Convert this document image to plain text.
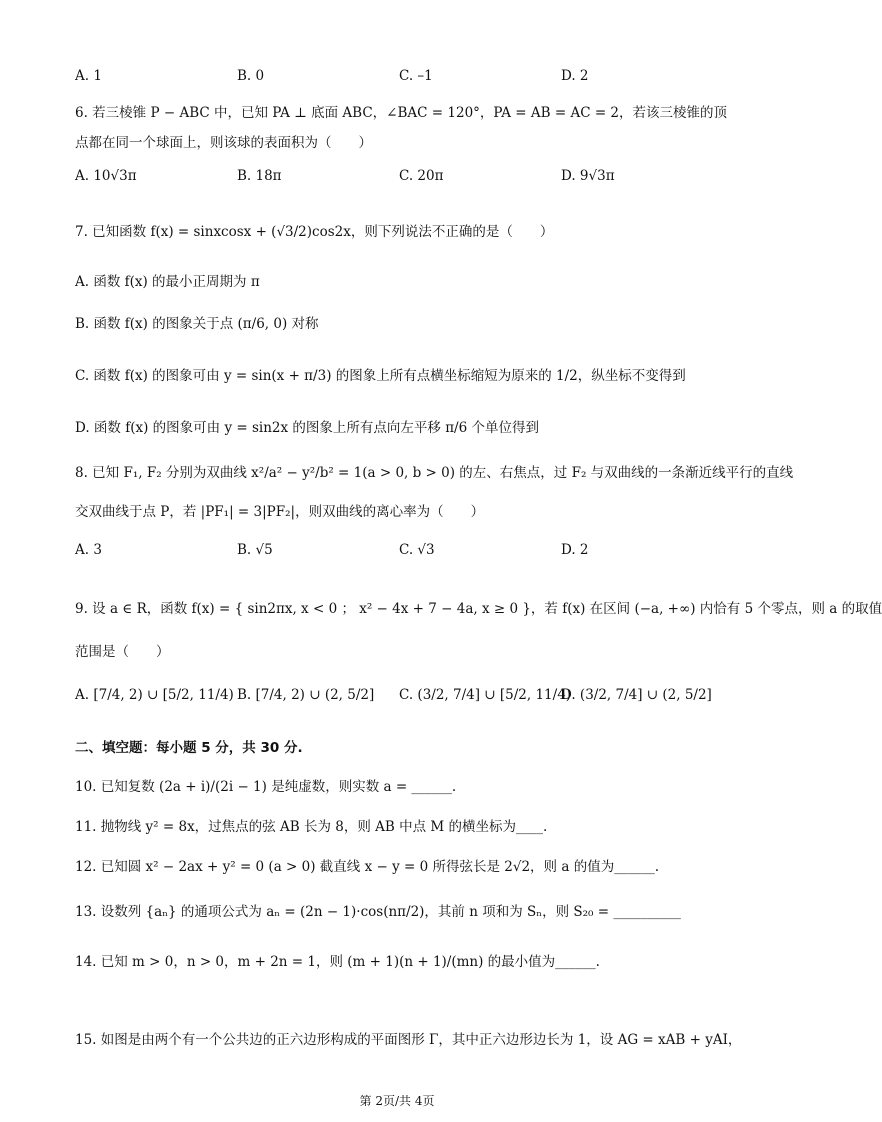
A. 1	B. 0	C. –1	D. 2
6. 若三棱锥 P − ABC 中，已知 PA ⊥ 底面 ABC，∠BAC = 120°，PA = AB = AC = 2，若该三棱锥的顶
点都在同一个球面上，则该球的表面积为（　　）
A. 10√3π	B. 18π	C. 20π	D. 9√3π
7. 已知函数 f(x) = sinxcosx + (√3/2)cos2x，则下列说法不正确的是（　　）
A. 函数 f(x) 的最小正周期为 π
B. 函数 f(x) 的图象关于点 (π/6, 0) 对称
C. 函数 f(x) 的图象可由 y = sin(x + π/3) 的图象上所有点横坐标缩短为原来的 1/2，纵坐标不变得到
D. 函数 f(x) 的图象可由 y = sin2x 的图象上所有点向左平移 π/6 个单位得到
8. 已知 F₁, F₂ 分别为双曲线 x²/a² − y²/b² = 1(a > 0, b > 0) 的左、右焦点，过 F₂ 与双曲线的一条渐近线平行的直线
交双曲线于点 P，若 |PF₁| = 3|PF₂|，则双曲线的离心率为（　　）
A. 3	B. √5	C. √3	D. 2
9. 设 a ∈ R，函数 f(x) = { sin2πx, x < 0 ； x² − 4x + 7 − 4a, x ≥ 0 }，若 f(x) 在区间 (−a, +∞) 内恰有 5 个零点，则 a 的取值
范围是（　　）
A. [7/4, 2) ∪ [5/2, 11/4) B. [7/4, 2) ∪ (2, 5/2] C. (3/2, 7/4] ∪ [5/2, 11/4)
D. (3/2, 7/4] ∪ (2, 5/2]
二、填空题：每小题 5 分，共 30 分.
10. 已知复数 (2a + i)/(2i − 1) 是纯虚数，则实数 a = ______.
11. 抛物线 y² = 8x，过焦点的弦 AB 长为 8，则 AB 中点 M 的横坐标为____.
12. 已知圆 x² − 2ax + y² = 0 (a > 0) 截直线 x − y = 0 所得弦长是 2√2，则 a 的值为______.
13. 设数列 {aₙ} 的通项公式为 aₙ = (2n − 1)·cos(nπ/2)，其前 n 项和为 Sₙ，则 S₂₀ = __________
14. 已知 m > 0，n > 0，m + 2n = 1，则 (m + 1)(n + 1)/(mn) 的最小值为______.
15. 如图是由两个有一个公共边的正六边形构成的平面图形 Γ，其中正六边形边长为 1，设 AG = xAB + yAI，
第 2页/共 4页
